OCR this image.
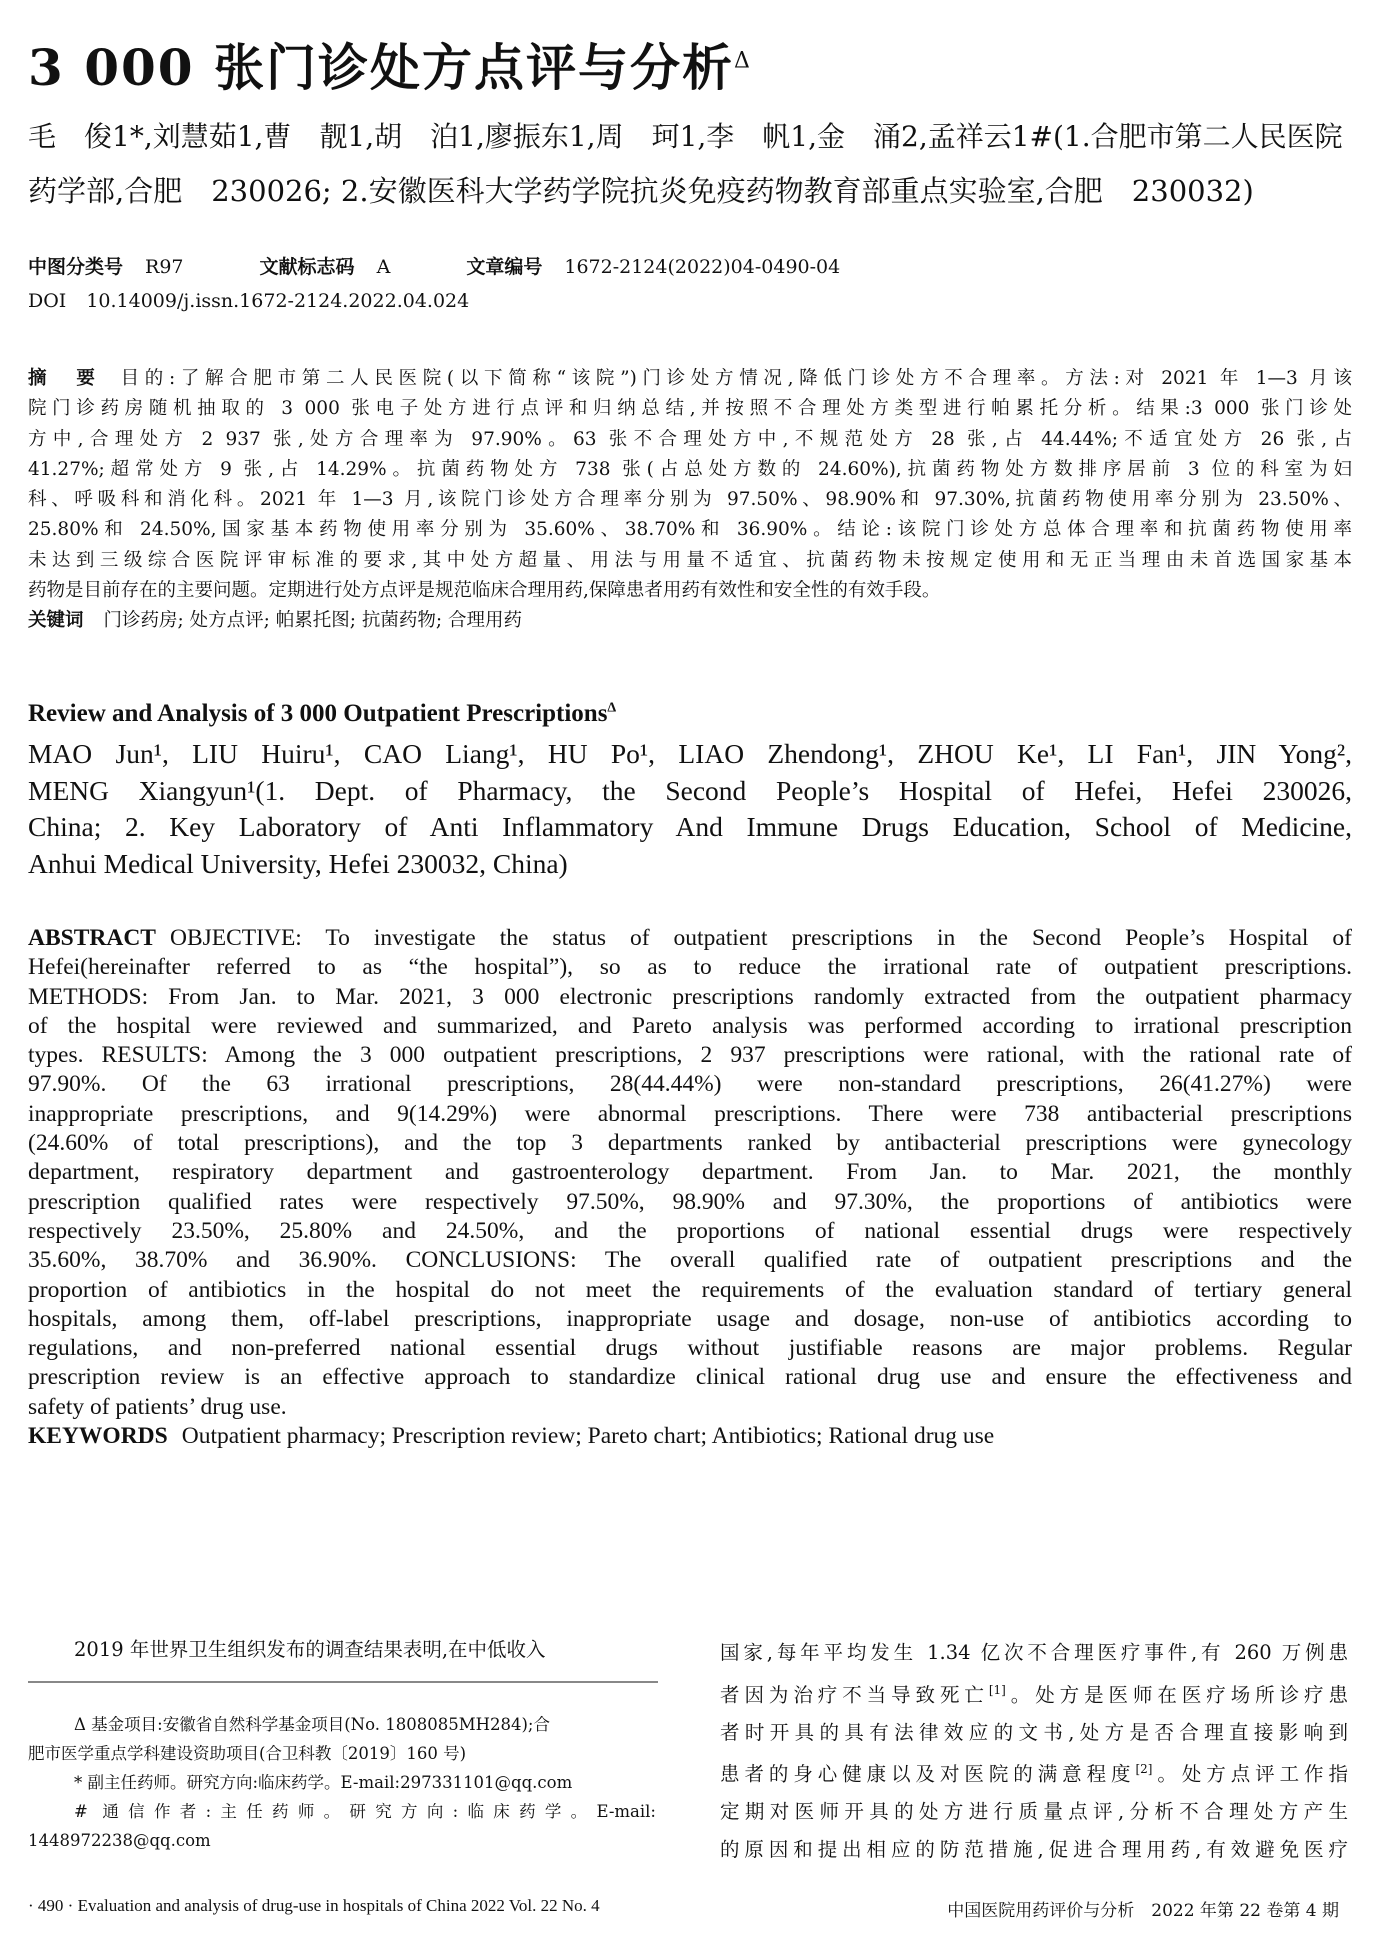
3 000 张门诊处方点评与分析$^\Delta$
毛　俊1*,刘慧茹1,曹　靓1,胡　泊1,廖振东1,周　珂1,李　帆1,金　涌2,孟祥云1#(1.合肥市第二人民医院
药学部,合肥　230026; 2.安徽医科大学药学院抗炎免疫药物教育部重点实验室,合肥　230032)
中图分类号 R97	文献标志码 A	文章编号 1672-2124(2022)04-0490-04
DOI 10.14009/j.issn.1672-2124.2022.04.024
摘　要 目的:了解合肥市第二人民医院(以下简称“该院”)门诊处方情况,降低门诊处方不合理率。方法:对 2021 年 1—3 月该
院门诊药房随机抽取的 3 000 张电子处方进行点评和归纳总结,并按照不合理处方类型进行帕累托分析。结果:3 000 张门诊处
方中,合理处方 2 937 张,处方合理率为 97.90%。63 张不合理处方中,不规范处方 28 张,占 44.44%;不适宜处方 26 张,占
41.27%;超常处方 9 张,占 14.29%。抗菌药物处方 738 张(占总处方数的 24.60%),抗菌药物处方数排序居前 3 位的科室为妇
科、呼吸科和消化科。2021 年 1—3 月,该院门诊处方合理率分别为 97.50%、98.90%和 97.30%,抗菌药物使用率分别为 23.50%、
25.80%和 24.50%,国家基本药物使用率分别为 35.60%、38.70%和 36.90%。结论:该院门诊处方总体合理率和抗菌药物使用率
未达到三级综合医院评审标准的要求,其中处方超量、用法与用量不适宜、抗菌药物未按规定使用和无正当理由未首选国家基本
药物是目前存在的主要问题。定期进行处方点评是规范临床合理用药,保障患者用药有效性和安全性的有效手段。
关键词 门诊药房; 处方点评; 帕累托图; 抗菌药物; 合理用药
Review and Analysis of 3 000 Outpatient Prescriptions$^\Delta$
MAO Jun¹, LIU Huiru¹, CAO Liang¹, HU Po¹, LIAO Zhendong¹, ZHOU Ke¹, LI Fan¹, JIN Yong²,
MENG Xiangyun¹(1. Dept. of Pharmacy, the Second People’s Hospital of Hefei, Hefei 230026,
China; 2. Key Laboratory of Anti Inflammatory And Immune Drugs Education, School of Medicine,
Anhui Medical University, Hefei 230032, China)
ABSTRACT OBJECTIVE: To investigate the status of outpatient prescriptions in the Second People’s Hospital of
Hefei(hereinafter referred to as “the hospital”), so as to reduce the irrational rate of outpatient prescriptions.
METHODS: From Jan. to Mar. 2021, 3 000 electronic prescriptions randomly extracted from the outpatient pharmacy
of the hospital were reviewed and summarized, and Pareto analysis was performed according to irrational prescription
types. RESULTS: Among the 3 000 outpatient prescriptions, 2 937 prescriptions were rational, with the rational rate of
97.90%. Of the 63 irrational prescriptions, 28(44.44%) were non-standard prescriptions, 26(41.27%) were
inappropriate prescriptions, and 9(14.29%) were abnormal prescriptions. There were 738 antibacterial prescriptions
(24.60% of total prescriptions), and the top 3 departments ranked by antibacterial prescriptions were gynecology
department, respiratory department and gastroenterology department. From Jan. to Mar. 2021, the monthly
prescription qualified rates were respectively 97.50%, 98.90% and 97.30%, the proportions of antibiotics were
respectively 23.50%, 25.80% and 24.50%, and the proportions of national essential drugs were respectively
35.60%, 38.70% and 36.90%. CONCLUSIONS: The overall qualified rate of outpatient prescriptions and the
proportion of antibiotics in the hospital do not meet the requirements of the evaluation standard of tertiary general
hospitals, among them, off-label prescriptions, inappropriate usage and dosage, non-use of antibiotics according to
regulations, and non-preferred national essential drugs without justifiable reasons are major problems. Regular
prescription review is an effective approach to standardize clinical rational drug use and ensure the effectiveness and
safety of patients’ drug use.
KEYWORDS Outpatient pharmacy; Prescription review; Pareto chart; Antibiotics; Rational drug use
2019 年世界卫生组织发布的调查结果表明,在中低收入
Δ 基金项目:安徽省自然科学基金项目(No. 1808085MH284);合
肥市医学重点学科建设资助项目(合卫科教〔2019〕160 号)
* 副主任药师。研究方向:临床药学。E-mail:297331101@qq.com
# 通信作者:主任药师。研究方向:临床药学。E-mail:
1448972238@qq.com
国家,每年平均发生 1.34 亿次不合理医疗事件,有 260 万例患
者因为治疗不当导致死亡[1]。处方是医师在医疗场所诊疗患
者时开具的具有法律效应的文书,处方是否合理直接影响到
患者的身心健康以及对医院的满意程度[2]。处方点评工作指
定期对医师开具的处方进行质量点评,分析不合理处方产生
的原因和提出相应的防范措施,促进合理用药,有效避免医疗
· 490 · Evaluation and analysis of drug-use in hospitals of China 2022 Vol. 22 No. 4	中国医院用药评价与分析　2022 年第 22 卷第 4 期
